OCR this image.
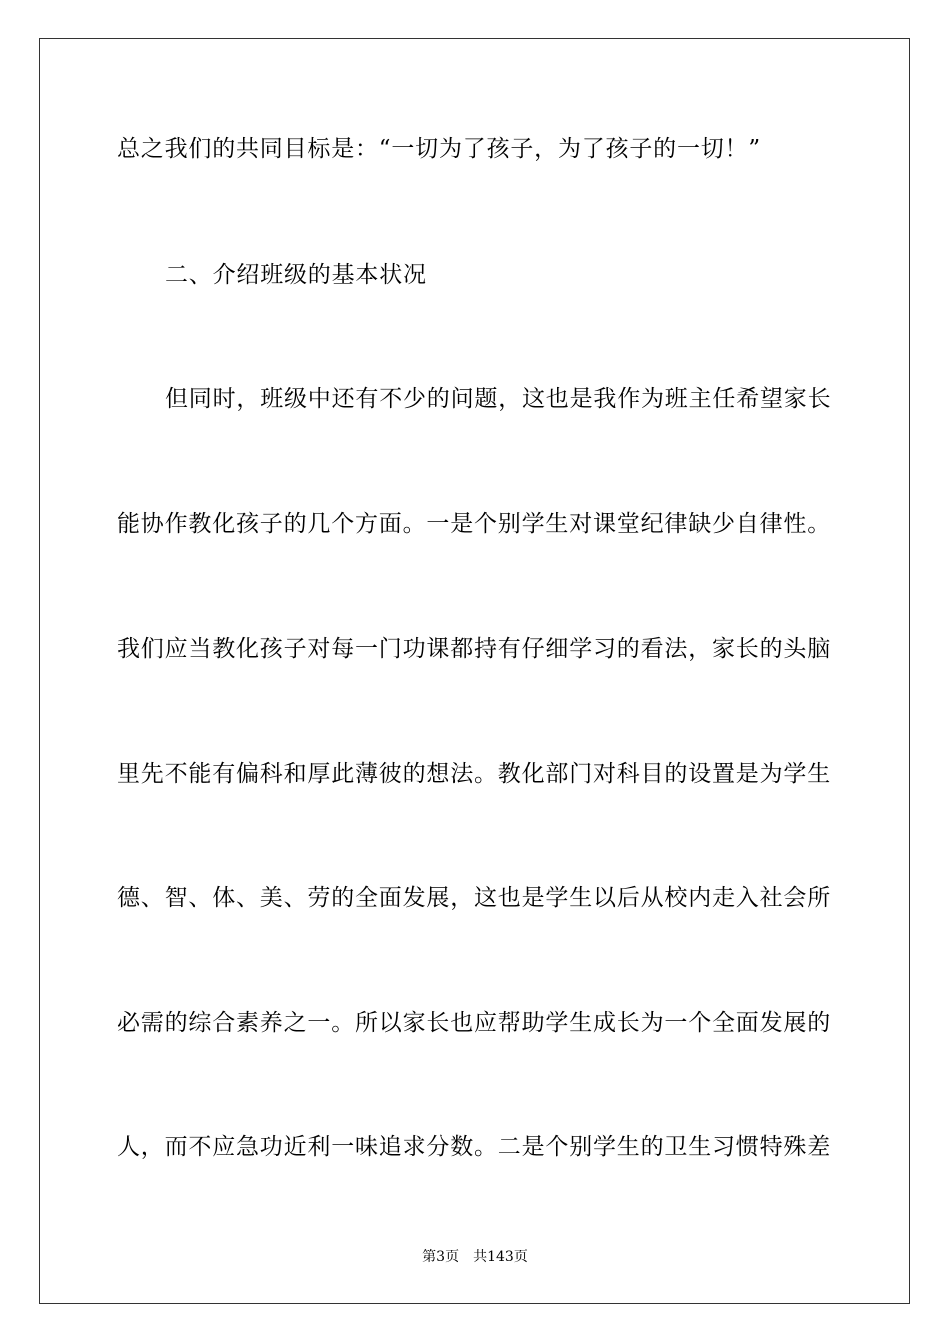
总之我们的共同目标是：“一切为了孩子，为了孩子的一切！”
二、介绍班级的基本状况
但同时，班级中还有不少的问题，这也是我作为班主任希望家长
能协作教化孩子的几个方面。一是个别学生对课堂纪律缺少自律性。
我们应当教化孩子对每一门功课都持有仔细学习的看法，家长的头脑
里先不能有偏科和厚此薄彼的想法。教化部门对科目的设置是为学生
德、智、体、美、劳的全面发展，这也是学生以后从校内走入社会所
必需的综合素养之一。所以家长也应帮助学生成长为一个全面发展的
人，而不应急功近利一味追求分数。二是个别学生的卫生习惯特殊差
第3页 共143页
